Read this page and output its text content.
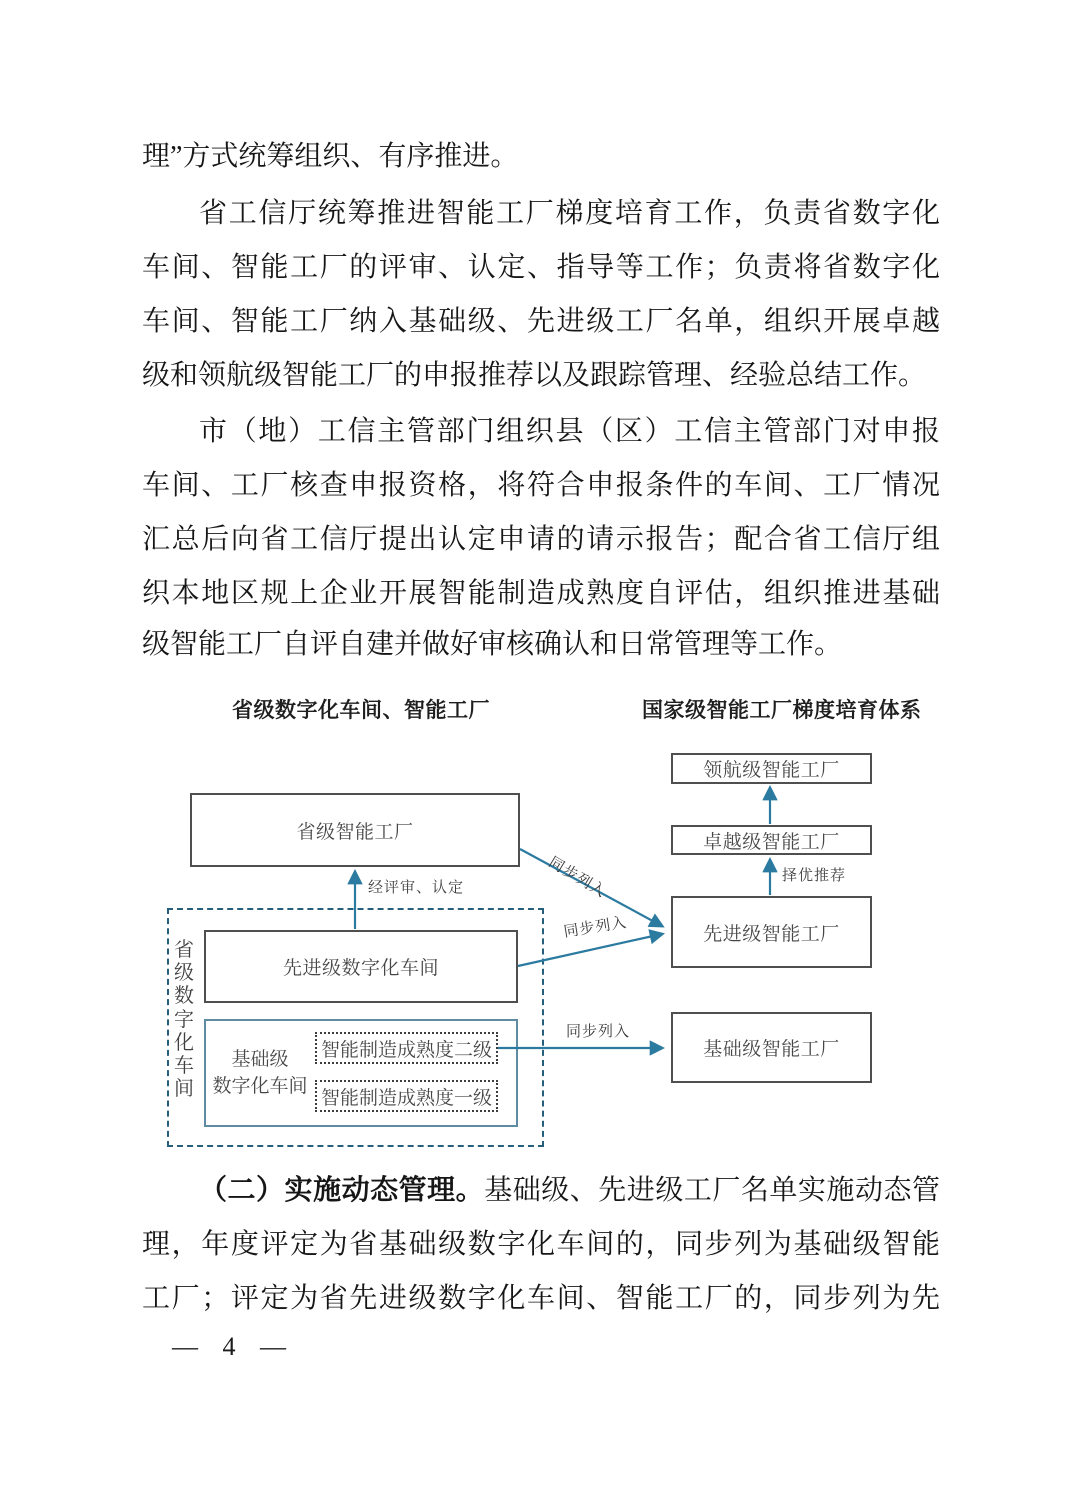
理”方式统筹组织、有序推进。
省工信厅统筹推进智能工厂梯度培育工作，负责省数字化
车间、智能工厂的评审、认定、指导等工作；负责将省数字化
车间、智能工厂纳入基础级、先进级工厂名单，组织开展卓越
级和领航级智能工厂的申报推荐以及跟踪管理、经验总结工作。
市（地）工信主管部门组织县（区）工信主管部门对申报
车间、工厂核查申报资格，将符合申报条件的车间、工厂情况
汇总后向省工信厅提出认定申请的请示报告；配合省工信厅组
织本地区规上企业开展智能制造成熟度自评估，组织推进基础
级智能工厂自评自建并做好审核确认和日常管理等工作。
省级数字化车间、智能工厂	国家级智能工厂梯度培育体系
省级智能工厂
省级数字化车间
先进级数字化车间
基础级
数字化车间
智能制造成熟度二级
智能制造成熟度一级
领航级智能工厂
卓越级智能工厂
先进级智能工厂
基础级智能工厂
经评审、认定	同步列入
同步列入
同步列入
择优推荐
（二）实施动态管理。基础级、先进级工厂名单实施动态管
理，年度评定为省基础级数字化车间的，同步列为基础级智能
工厂；评定为省先进级数字化车间、智能工厂的，同步列为先
— 4 —
